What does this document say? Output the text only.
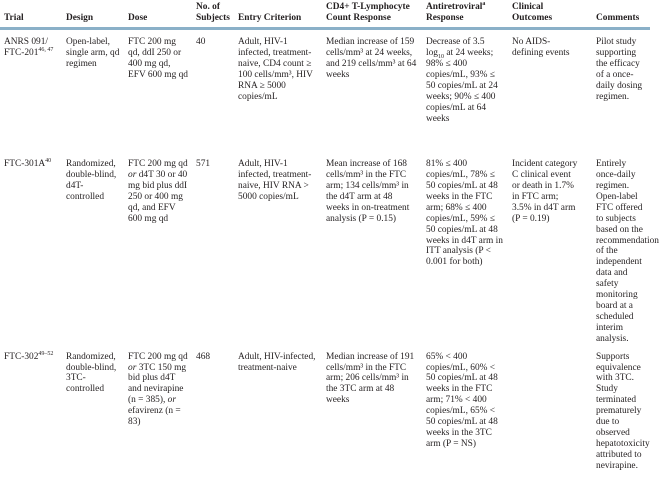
Trial	Design	Dose	No. of Subjects	Entry Criterion	CD4+ T-Lymphocyte Count Response	Antiretroviral$^a$ Response	Clinical Outcomes	Comments
ANRS 091/ FTC-201$^{46, 47}$	Open-label, single arm, qd regimen	FTC 200 mg qd, ddI 250 or 400 mg qd, EFV 600 mg qd	40	Adult, HIV-1 infected, treatment-naive, CD4 count ≥ 100 cells/mm³, HIV RNA ≥ 5000 copies/mL	Median increase of 159 cells/mm³ at 24 weeks, and 219 cells/mm³ at 64 weeks	Decrease of 3.5 $\log_{10}$ at 24 weeks; 98% ≤ 400 copies/mL, 93% ≤ 50 copies/mL at 24 weeks; 90% ≤ 400 copies/mL at 64 weeks	No AIDS-defining events	Pilot study supporting the efficacy of a once-daily dosing regimen.
FTC-$301A^{40}$	Randomized, double-blind, d4T-controlled	FTC 200 mg qd or d4T 30 or 40 mg bid plus ddI 250 or 400 mg qd, and EFV 600 mg qd	571	Adult, HIV-1 infected, treatment-naive, HIV RNA > 5000 copies/mL	Mean increase of 168 cells/mm³ in the FTC arm; 134 cells/mm³ in the d4T arm at 48 weeks in on-treatment analysis (P = 0.15)	81% ≤ 400 copies/mL, 78% ≤ 50 copies/mL at 48 weeks in the FTC arm; 68% ≤ 400 copies/mL, 59% ≤ 50 copies/mL at 48 weeks in d4T arm in ITT analysis (P < 0.001 for both)	Incident category C clinical event or death in 1.7% in FTC arm; 3.5% in d4T arm (P = 0.19)	Entirely once-daily regimen. Open-label FTC offered to subjects based on the recommendation of the independent data and safety monitoring board at a scheduled interim analysis.
FTC-302$^{49-52}$	Randomized, double-blind, 3TC-controlled	FTC 200 mg qd or 3TC 150 mg bid plus d4T and nevirapine (n = 385), or efavirenz (n = 83)	468	Adult, HIV-infected, treatment-naive	Median increase of 191 cells/mm³ in the FTC arm; 206 cells/mm³ in the 3TC arm at 48 weeks	65% < 400 copies/mL, 60% < 50 copies/mL at 48 weeks in the FTC arm; 71% < 400 copies/mL, 65% < 50 copies/mL at 48 weeks in the 3TC arm (P = NS)		Supports equivalence with 3TC. Study terminated prematurely due to observed hepatotoxicity attributed to nevirapine.
